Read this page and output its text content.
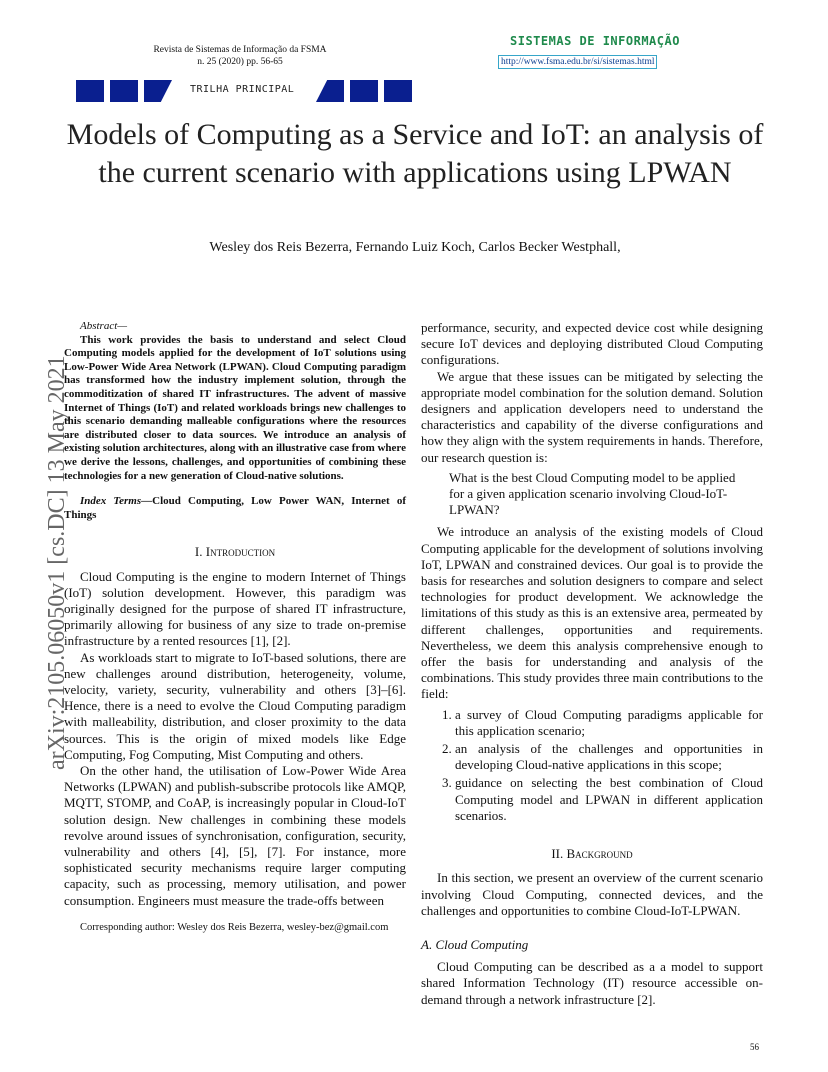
Revista de Sistemas de Informação da FSMA
n. 25 (2020) pp. 56-65
SISTEMAS DE INFORMAÇÃO
http://www.fsma.edu.br/si/sistemas.html
TRILHA PRINCIPAL
Models of Computing as a Service and IoT: an analysis of the current scenario with applications using LPWAN
Wesley dos Reis Bezerra, Fernando Luiz Koch, Carlos Becker Westphall,
arXiv:2105.06050v1 [cs.DC] 13 May 2021

Abstract—

This work provides the basis to understand and select Cloud Computing models applied for the development of IoT solutions using Low-Power Wide Area Network (LPWAN). Cloud Computing paradigm has transformed how the industry implement solution, through the commoditization of shared IT infrastructures. The advent of massive Internet of Things (IoT) and related workloads brings new challenges to this scenario demanding malleable configurations where the resources are distributed closer to data sources. We introduce an analysis of existing solution architectures, along with an illustrative case from where we derive the lessons, challenges, and opportunities of combining these technologies for a new generation of Cloud-native solutions.

Index Terms—Cloud Computing, Low Power WAN, Internet of Things

I. Introduction

Cloud Computing is the engine to modern Internet of Things (IoT) solution development. However, this paradigm was originally designed for the purpose of shared IT infrastructure, primarily allowing for business of any size to trade on-premise infrastructure by a rented resources [1], [2].

As workloads start to migrate to IoT-based solutions, there are new challenges around distribution, heterogeneity, volume, velocity, variety, security, vulnerability and others [3]–[6]. Hence, there is a need to evolve the Cloud Computing paradigm with malleability, distribution, and closer proximity to the data sources. This is the origin of mixed models like Edge Computing, Fog Computing, Mist Computing and others.

On the other hand, the utilisation of Low-Power Wide Area Networks (LPWAN) and publish-subscribe protocols like AMQP, MQTT, STOMP, and CoAP, is increasingly popular in Cloud-IoT solution design. New challenges in combining these models revolve around issues of synchronisation, configuration, security, vulnerability and others [4], [5], [7]. For instance, more sophisticated security mechanisms require larger computing capacity, such as processing, memory utilisation, and power consumption. Engineers must measure the trade-offs between

Corresponding author: Wesley dos Reis Bezerra, wesley-bez@gmail.com

performance, security, and expected device cost while designing secure IoT devices and deploying distributed Cloud Computing configurations.

We argue that these issues can be mitigated by selecting the appropriate model combination for the solution demand. Solution designers and application developers need to understand the characteristics and capability of the diverse configurations and how they align with the system requirements in hands. Therefore, our research question is:

What is the best Cloud Computing model to be applied for a given application scenario involving Cloud-IoT-LPWAN?

We introduce an analysis of the existing models of Cloud Computing applicable for the development of solutions involving IoT, LPWAN and constrained devices. Our goal is to provide the basis for researches and solution designers to compare and select technologies for product development. We acknowledge the limitations of this study as this is an extensive area, permeated by different challenges, opportunities and requirements. Nevertheless, we deem this analysis comprehensive enough to offer the basis for understanding and analysis of the combinations. This study provides three main contributions to the field:

1. a survey of Cloud Computing paradigms applicable for this application scenario;
2. an analysis of the challenges and opportunities in developing Cloud-native applications in this scope;
3. guidance on selecting the best combination of Cloud Computing model and LPWAN in different application scenarios.
II. Background

In this section, we present an overview of the current scenario involving Cloud Computing, connected devices, and the challenges and opportunities to combine Cloud-IoT-LPWAN.

A. Cloud Computing

Cloud Computing can be described as a a model to support shared Information Technology (IT) resource accessible on-demand through a network infrastructure [2].

56
